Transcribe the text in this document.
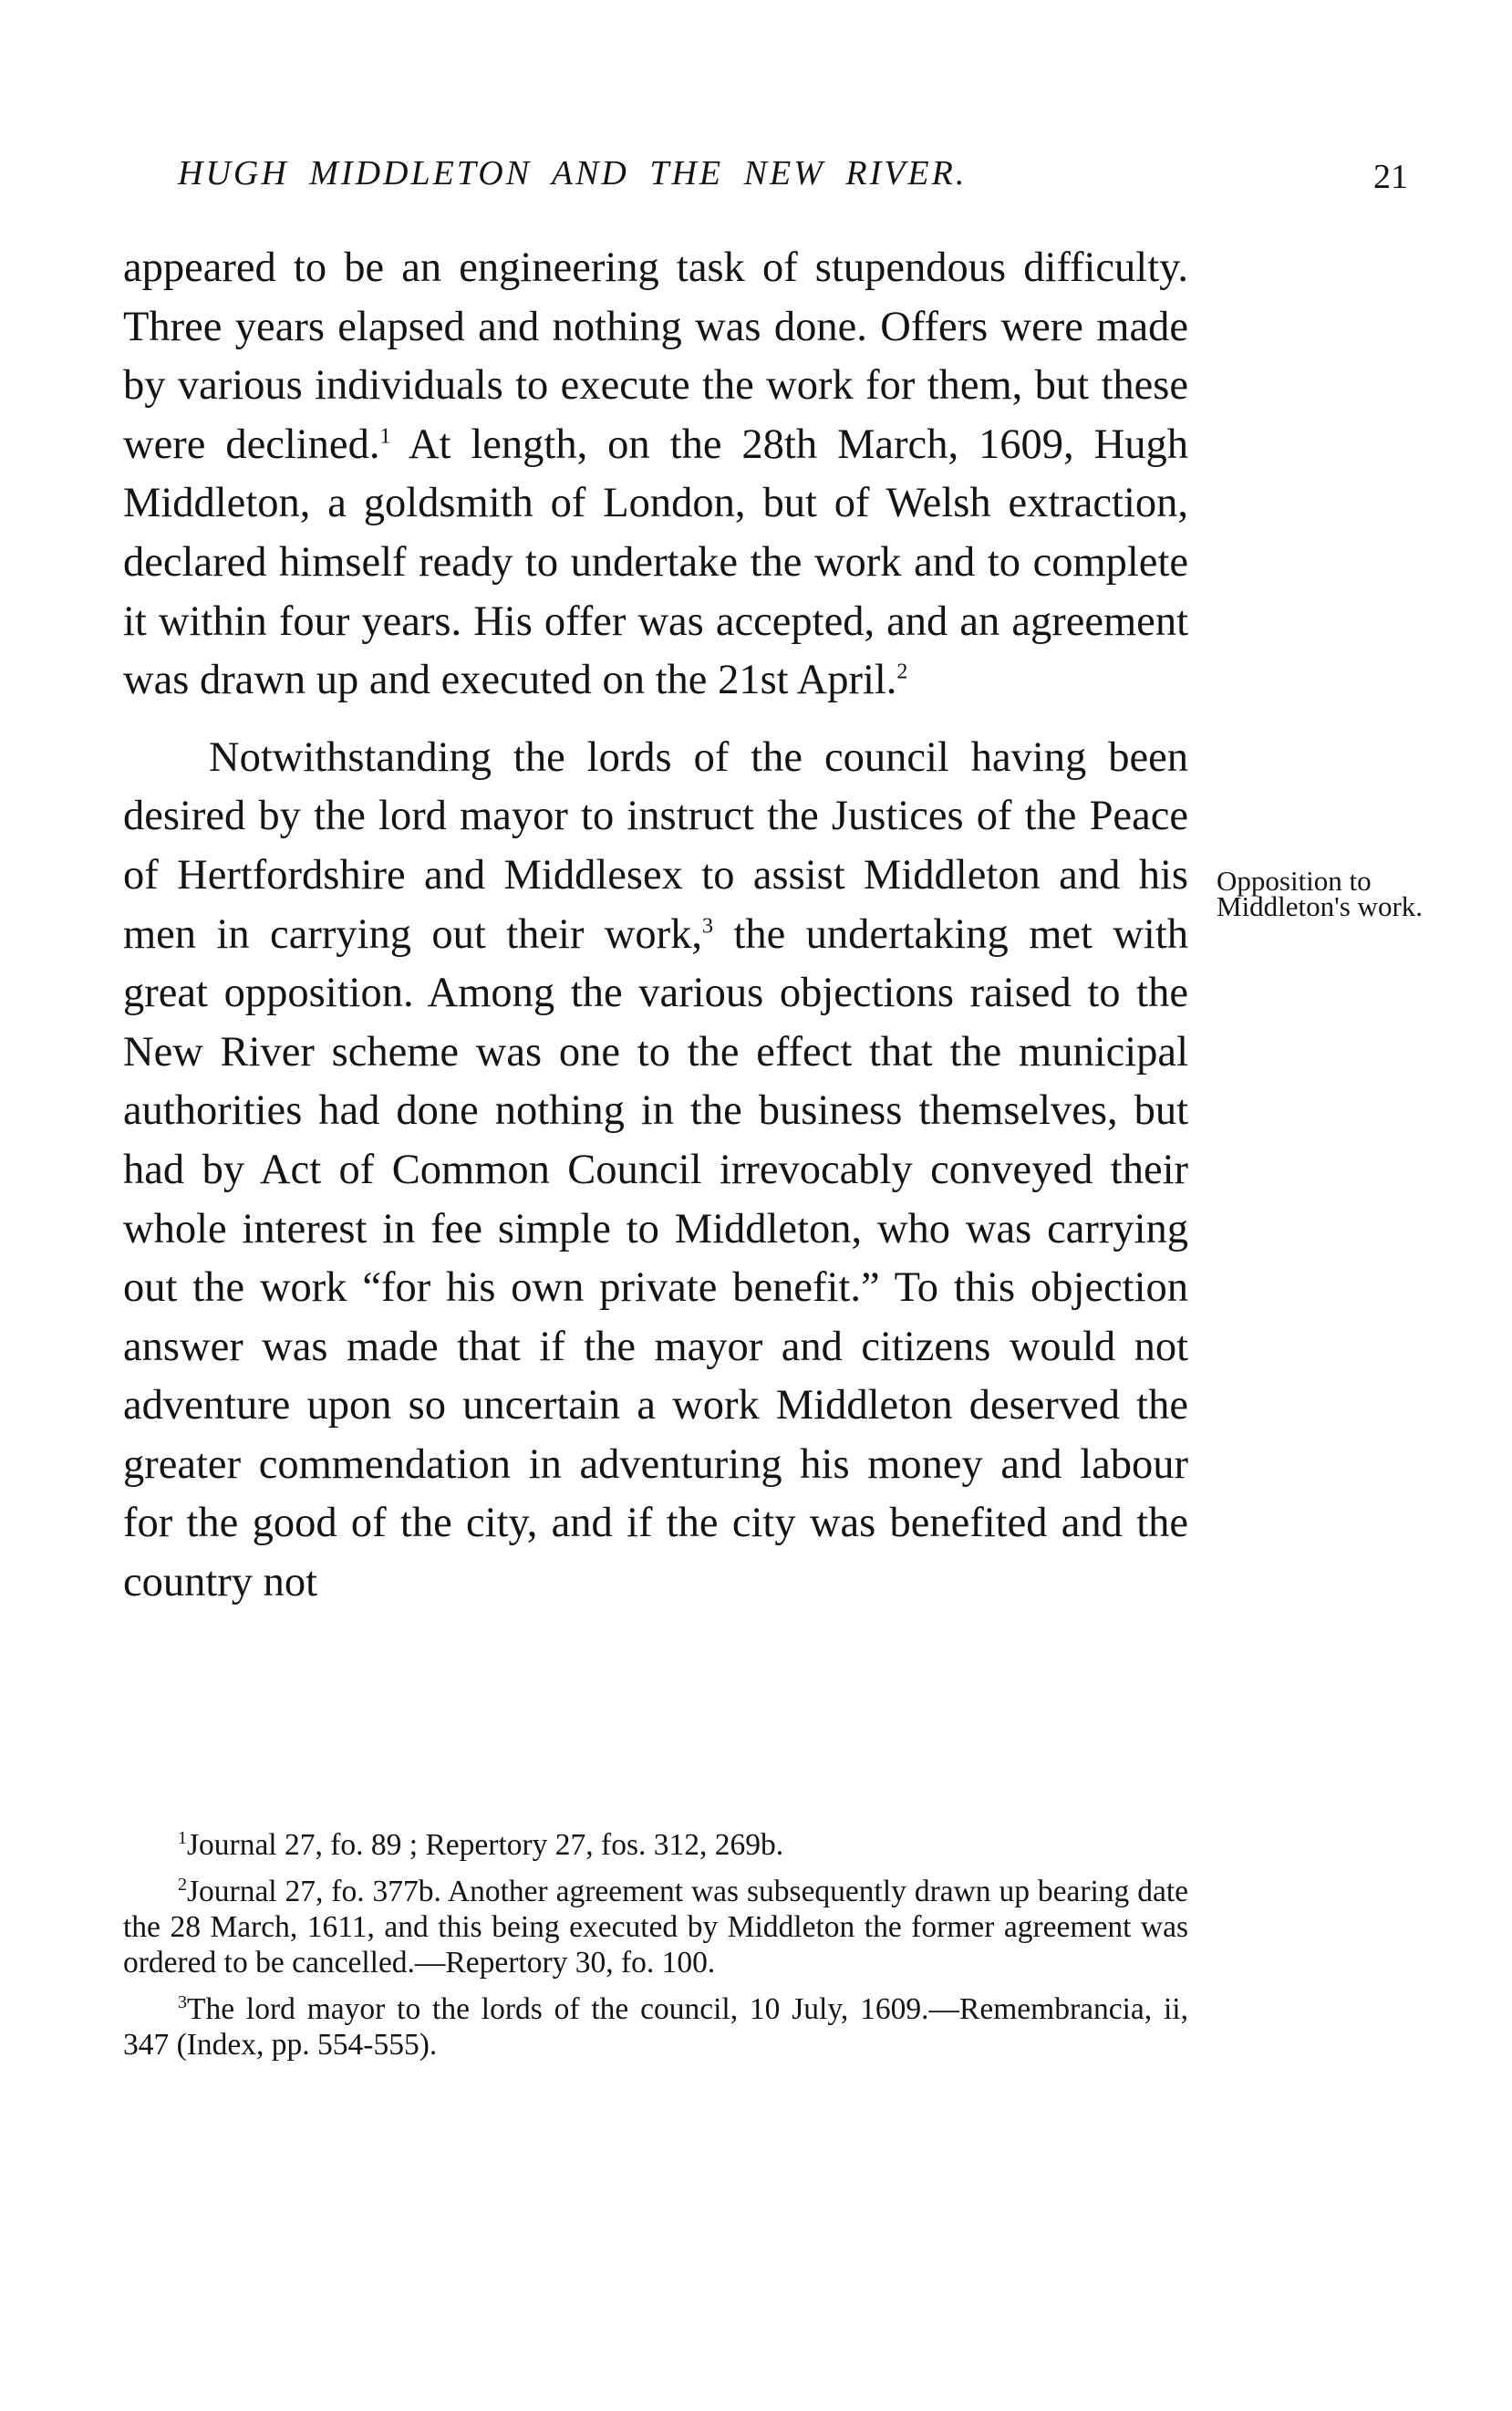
HUGH MIDDLETON AND THE NEW RIVER.	21

appeared to be an engineering task of stupendous difficulty. Three years elapsed and nothing was done. Offers were made by various individuals to execute the work for them, but these were declined.$^1$ At length, on the 28th March, 1609, Hugh Middleton, a goldsmith of London, but of Welsh extraction, declared himself ready to undertake the work and to complete it within four years. His offer was accepted, and an agreement was drawn up and executed on the 21st April.$^2$

Notwithstanding the lords of the council having been desired by the lord mayor to instruct the Justices of the Peace of Hertfordshire and Middlesex to assist Middleton and his men in carrying out their work,$^3$ the undertaking met with great opposition. Among the various objections raised to the New River scheme was one to the effect that the municipal authorities had done nothing in the business themselves, but had by Act of Common Council irrevocably conveyed their whole interest in fee simple to Middleton, who was carrying out the work “for his own private benefit.” To this objection answer was made that if the mayor and citizens would not adventure upon so uncertain a work Middleton deserved the greater commendation in adventuring his money and labour for the good of the city, and if the city was benefited and the country not

Opposition to Middleton's work.

$^1$Journal 27, fo. 89 ; Repertory 27, fos. 312, 269b.

$^2$Journal 27, fo. 377b. Another agreement was subsequently drawn up bearing date the 28 March, 1611, and this being executed by Middleton the former agreement was ordered to be cancelled.—Repertory 30, fo. 100.

$^3$The lord mayor to the lords of the council, 10 July, 1609.—Remembrancia, ii, 347 (Index, pp. 554-555).
